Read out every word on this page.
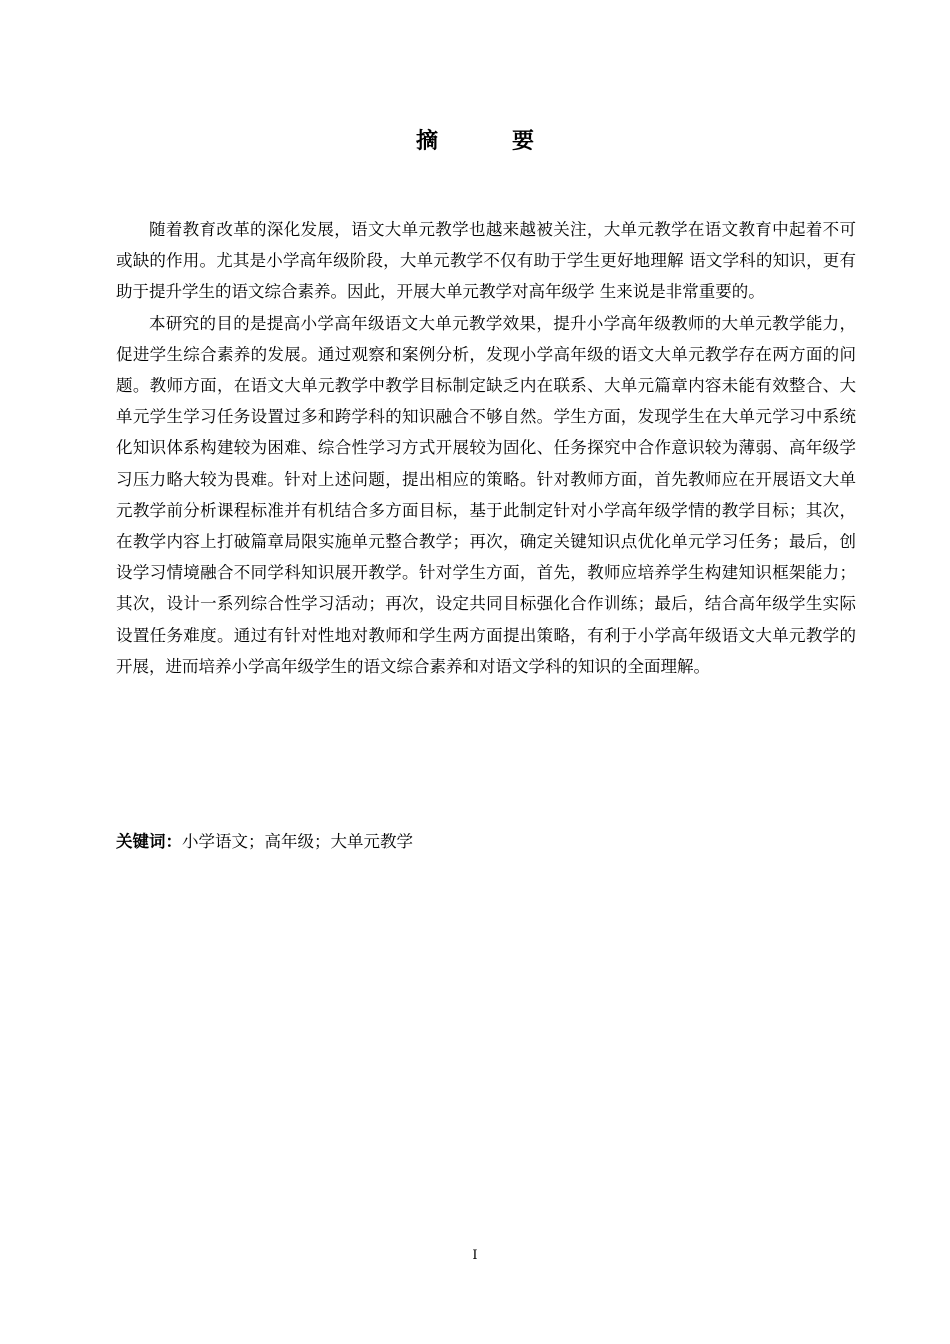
摘　要

随着教育改革的深化发展，语文大单元教学也越来越被关注，大单元教学在语文教育中起着不可或缺的作用。尤其是小学高年级阶段，大单元教学不仅有助于学生更好地理解 语文学科的知识，更有助于提升学生的语文综合素养。因此，开展大单元教学对高年级学 生来说是非常重要的。

本研究的目的是提高小学高年级语文大单元教学效果，提升小学高年级教师的大单元教学能力，促进学生综合素养的发展。通过观察和案例分析，发现小学高年级的语文大单元教学存在两方面的问题。教师方面，在语文大单元教学中教学目标制定缺乏内在联系、大单元篇章内容未能有效整合、大单元学生学习任务设置过多和跨学科的知识融合不够自然。学生方面，发现学生在大单元学习中系统化知识体系构建较为困难、综合性学习方式开展较为固化、任务探究中合作意识较为薄弱、高年级学习压力略大较为畏难。针对上述问题，提出相应的策略。针对教师方面，首先教师应在开展语文大单元教学前分析课程标准并有机结合多方面目标，基于此制定针对小学高年级学情的教学目标；其次，在教学内容上打破篇章局限实施单元整合教学；再次，确定关键知识点优化单元学习任务；最后，创设学习情境融合不同学科知识展开教学。针对学生方面，首先，教师应培养学生构建知识框架能力；其次，设计一系列综合性学习活动；再次，设定共同目标强化合作训练；最后，结合高年级学生实际设置任务难度。通过有针对性地对教师和学生两方面提出策略，有利于小学高年级语文大单元教学的开展，进而培养小学高年级学生的语文综合素养和对语文学科的知识的全面理解。

关键词：小学语文；高年级；大单元教学
I
